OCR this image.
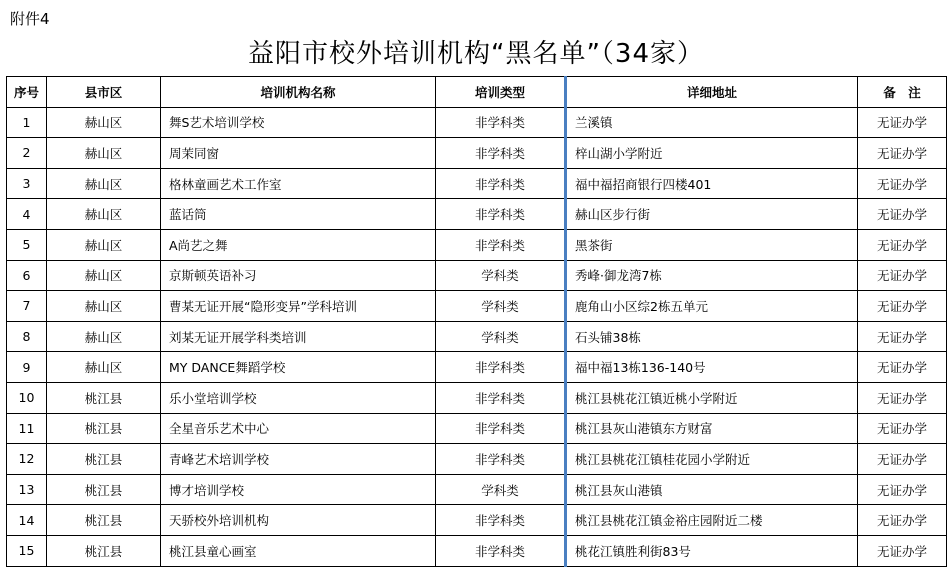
附件4
益阳市校外培训机构“黑名单”（34家）
序号	县市区	培训机构名称	培训类型	详细地址	备　注
1	赫山区	舞S艺术培训学校	非学科类	兰溪镇	无证办学
2	赫山区	周茉同窗	非学科类	梓山湖小学附近	无证办学
3	赫山区	格林童画艺术工作室	非学科类	福中福招商银行四楼401	无证办学
4	赫山区	蓝话筒	非学科类	赫山区步行街	无证办学
5	赫山区	A尚艺之舞	非学科类	黑茶街	无证办学
6	赫山区	京斯顿英语补习	学科类	秀峰·御龙湾7栋	无证办学
7	赫山区	曹某无证开展“隐形变异”学科培训	学科类	鹿角山小区综2栋五单元	无证办学
8	赫山区	刘某无证开展学科类培训	学科类	石头铺38栋	无证办学
9	赫山区	MY DANCE舞蹈学校	非学科类	福中福13栋136-140号	无证办学
10	桃江县	乐小堂培训学校	非学科类	桃江县桃花江镇近桃小学附近	无证办学
11	桃江县	全星音乐艺术中心	非学科类	桃江县灰山港镇东方财富	无证办学
12	桃江县	青峰艺术培训学校	非学科类	桃江县桃花江镇桂花园小学附近	无证办学
13	桃江县	博才培训学校	学科类	桃江县灰山港镇	无证办学
14	桃江县	天骄校外培训机构	非学科类	桃江县桃花江镇金裕庄园附近二楼	无证办学
15	桃江县	桃江县童心画室	非学科类	桃花江镇胜利街83号	无证办学
